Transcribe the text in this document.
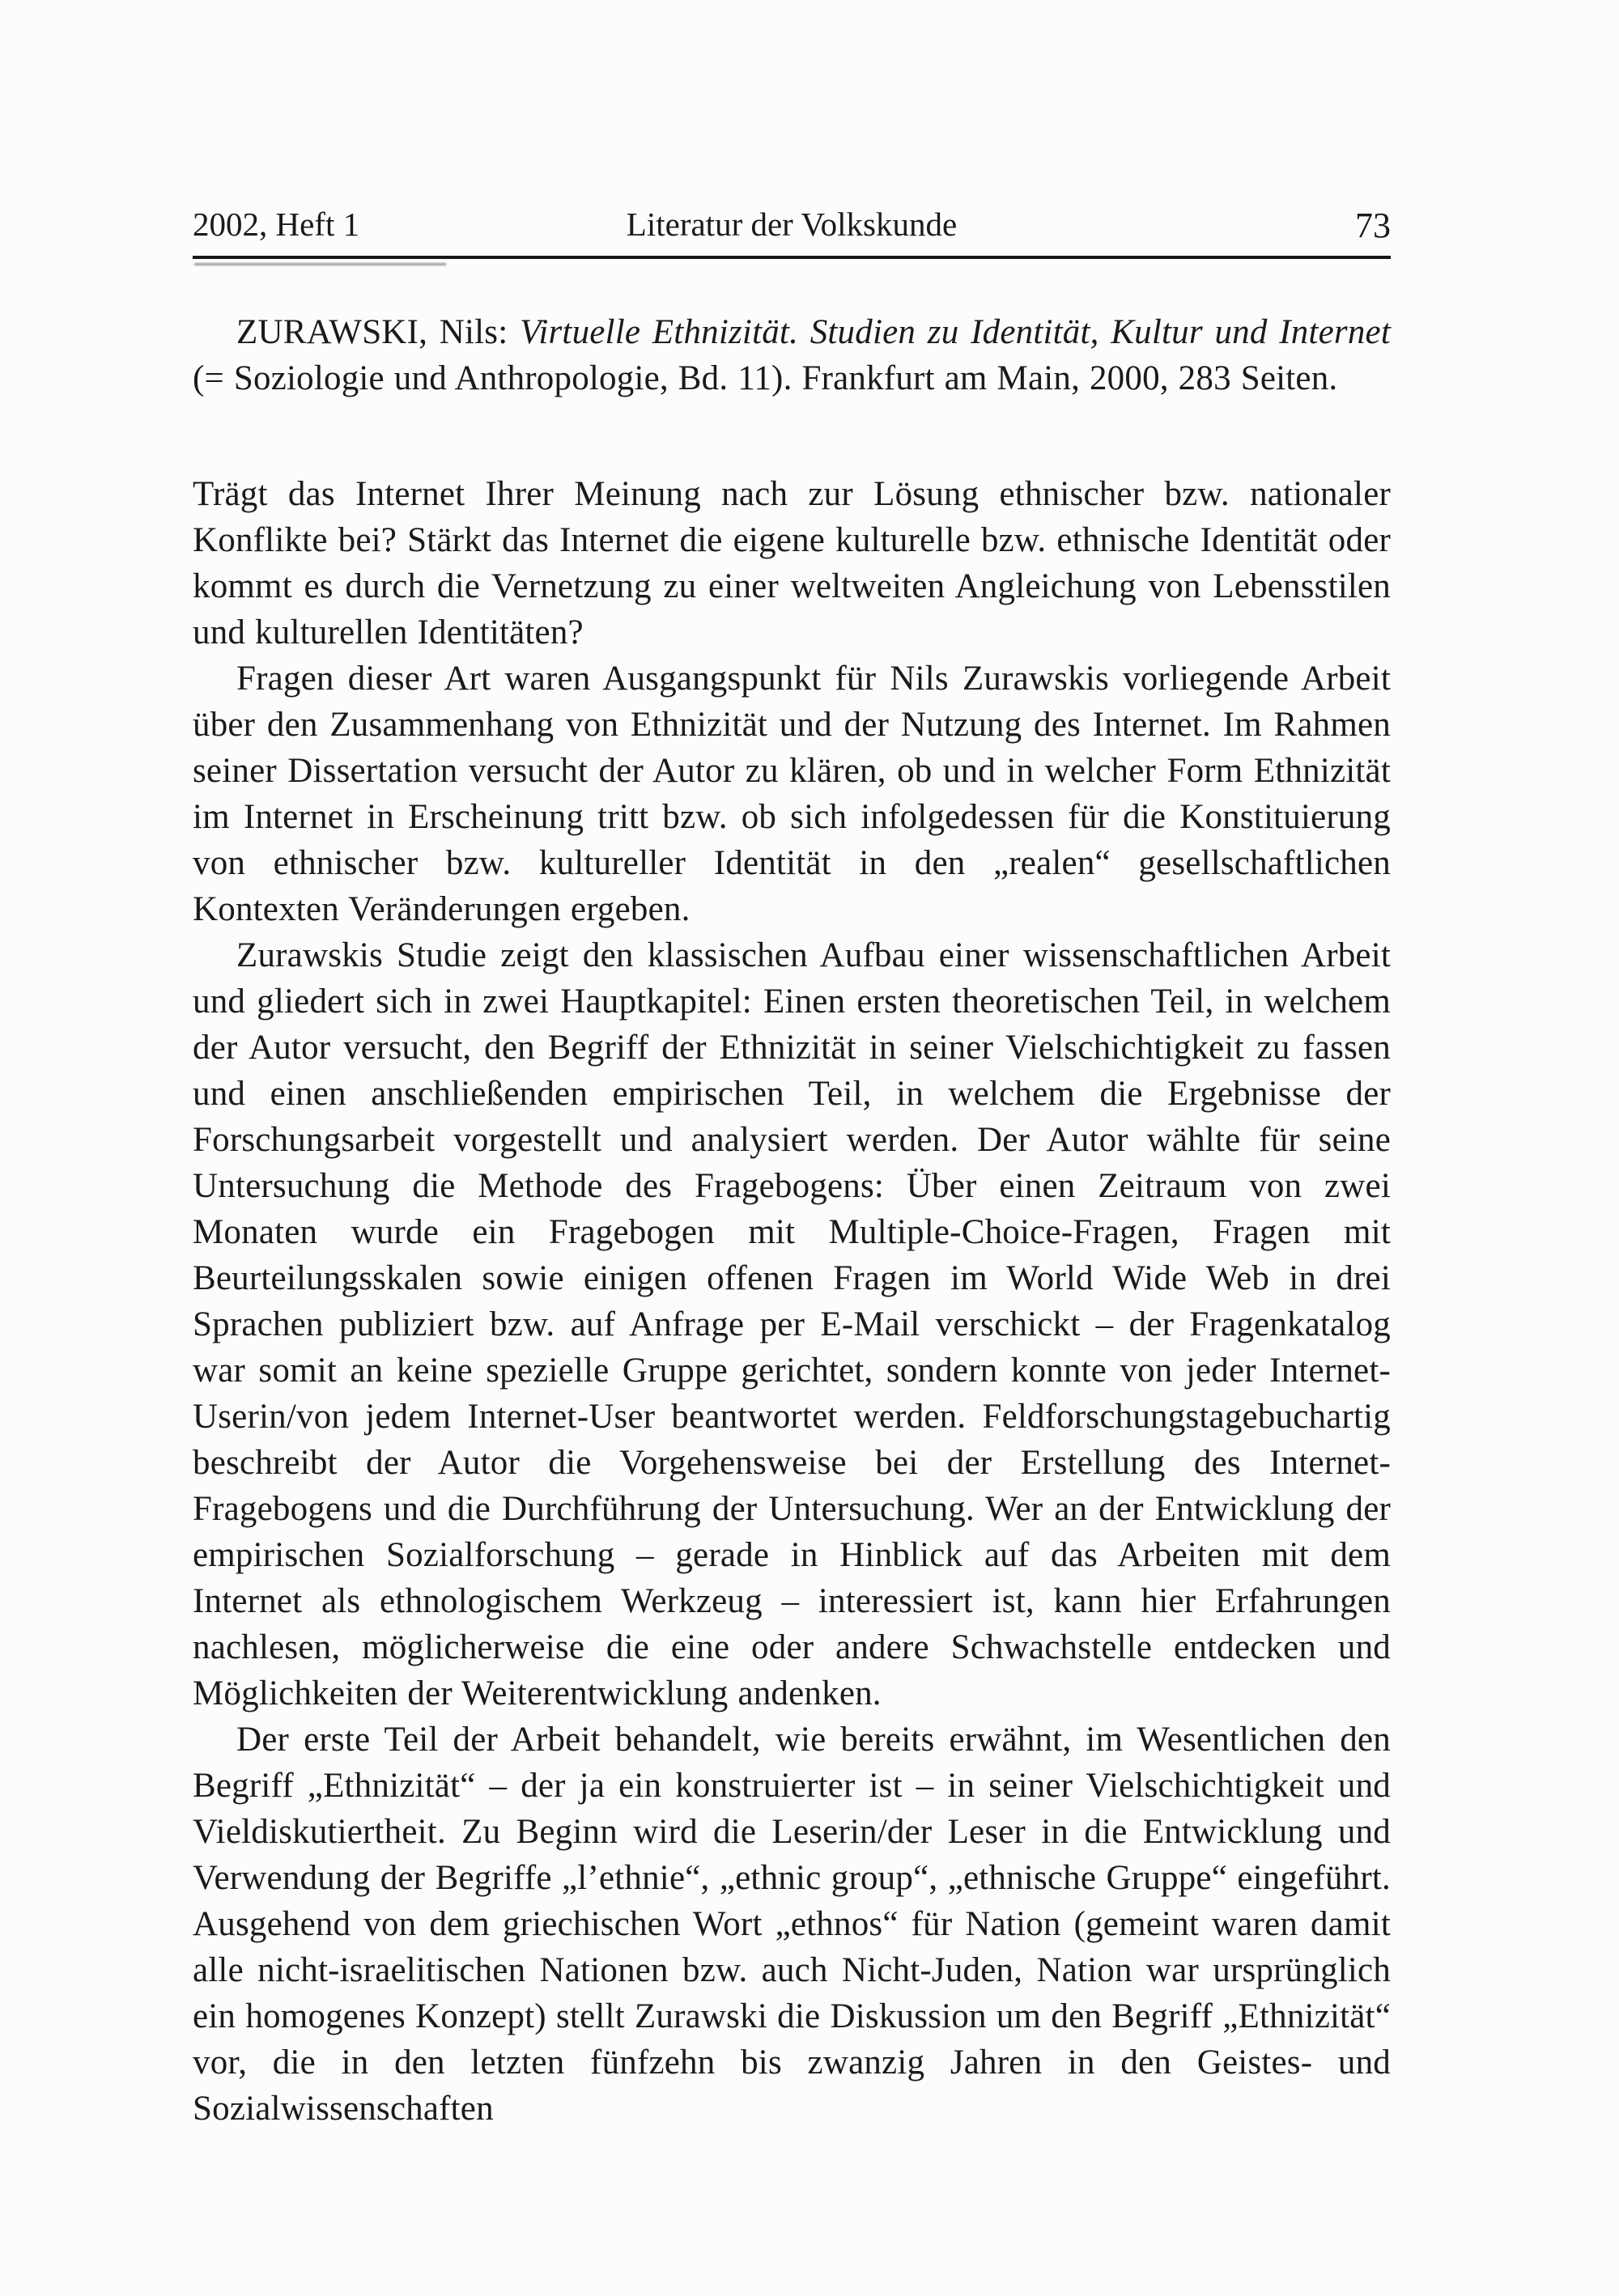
2002, Heft 1	Literatur der Volkskunde	73

ZURAWSKI, Nils: Virtuelle Ethnizität. Studien zu Identität, Kultur und Internet (= Soziologie und Anthropologie, Bd. 11). Frankfurt am Main, 2000, 283 Seiten.

Trägt das Internet Ihrer Meinung nach zur Lösung ethnischer bzw. nationaler Konflikte bei? Stärkt das Internet die eigene kulturelle bzw. ethnische Identität oder kommt es durch die Vernetzung zu einer weltweiten Angleichung von Lebensstilen und kulturellen Identitäten?

Fragen dieser Art waren Ausgangspunkt für Nils Zurawskis vorliegende Arbeit über den Zusammenhang von Ethnizität und der Nutzung des Internet. Im Rahmen seiner Dissertation versucht der Autor zu klären, ob und in welcher Form Ethnizität im Internet in Erscheinung tritt bzw. ob sich infolgedessen für die Konstituierung von ethnischer bzw. kultureller Identität in den „realen“ gesellschaftlichen Kontexten Veränderungen ergeben.

Zurawskis Studie zeigt den klassischen Aufbau einer wissenschaftlichen Arbeit und gliedert sich in zwei Hauptkapitel: Einen ersten theoretischen Teil, in welchem der Autor versucht, den Begriff der Ethnizität in seiner Vielschichtigkeit zu fassen und einen anschließenden empirischen Teil, in welchem die Ergebnisse der Forschungsarbeit vorgestellt und analysiert werden. Der Autor wählte für seine Untersuchung die Methode des Fragebogens: Über einen Zeitraum von zwei Monaten wurde ein Fragebogen mit Multiple-Choice-Fragen, Fragen mit Beurteilungsskalen sowie einigen offenen Fragen im World Wide Web in drei Sprachen publiziert bzw. auf Anfrage per E-Mail verschickt – der Fragenkatalog war somit an keine spezielle Gruppe gerichtet, sondern konnte von jeder Internet-Userin/von jedem Internet-User beantwortet werden. Feldforschungstagebuchartig beschreibt der Autor die Vorgehensweise bei der Erstellung des Internet-Fragebogens und die Durchführung der Untersuchung. Wer an der Entwicklung der empirischen Sozialforschung – gerade in Hinblick auf das Arbeiten mit dem Internet als ethnologischem Werkzeug – interessiert ist, kann hier Erfahrungen nachlesen, möglicherweise die eine oder andere Schwachstelle entdecken und Möglichkeiten der Weiterentwicklung andenken.

Der erste Teil der Arbeit behandelt, wie bereits erwähnt, im Wesentlichen den Begriff „Ethnizität“ – der ja ein konstruierter ist – in seiner Vielschichtigkeit und Vieldiskutiertheit. Zu Beginn wird die Leserin/der Leser in die Entwicklung und Verwendung der Begriffe „l’ethnie“, „ethnic group“, „ethnische Gruppe“ eingeführt. Ausgehend von dem griechischen Wort „ethnos“ für Nation (gemeint waren damit alle nicht-israelitischen Nationen bzw. auch Nicht-Juden, Nation war ursprünglich ein homogenes Konzept) stellt Zurawski die Diskussion um den Begriff „Ethnizität“ vor, die in den letzten fünfzehn bis zwanzig Jahren in den Geistes- und Sozialwissenschaften
